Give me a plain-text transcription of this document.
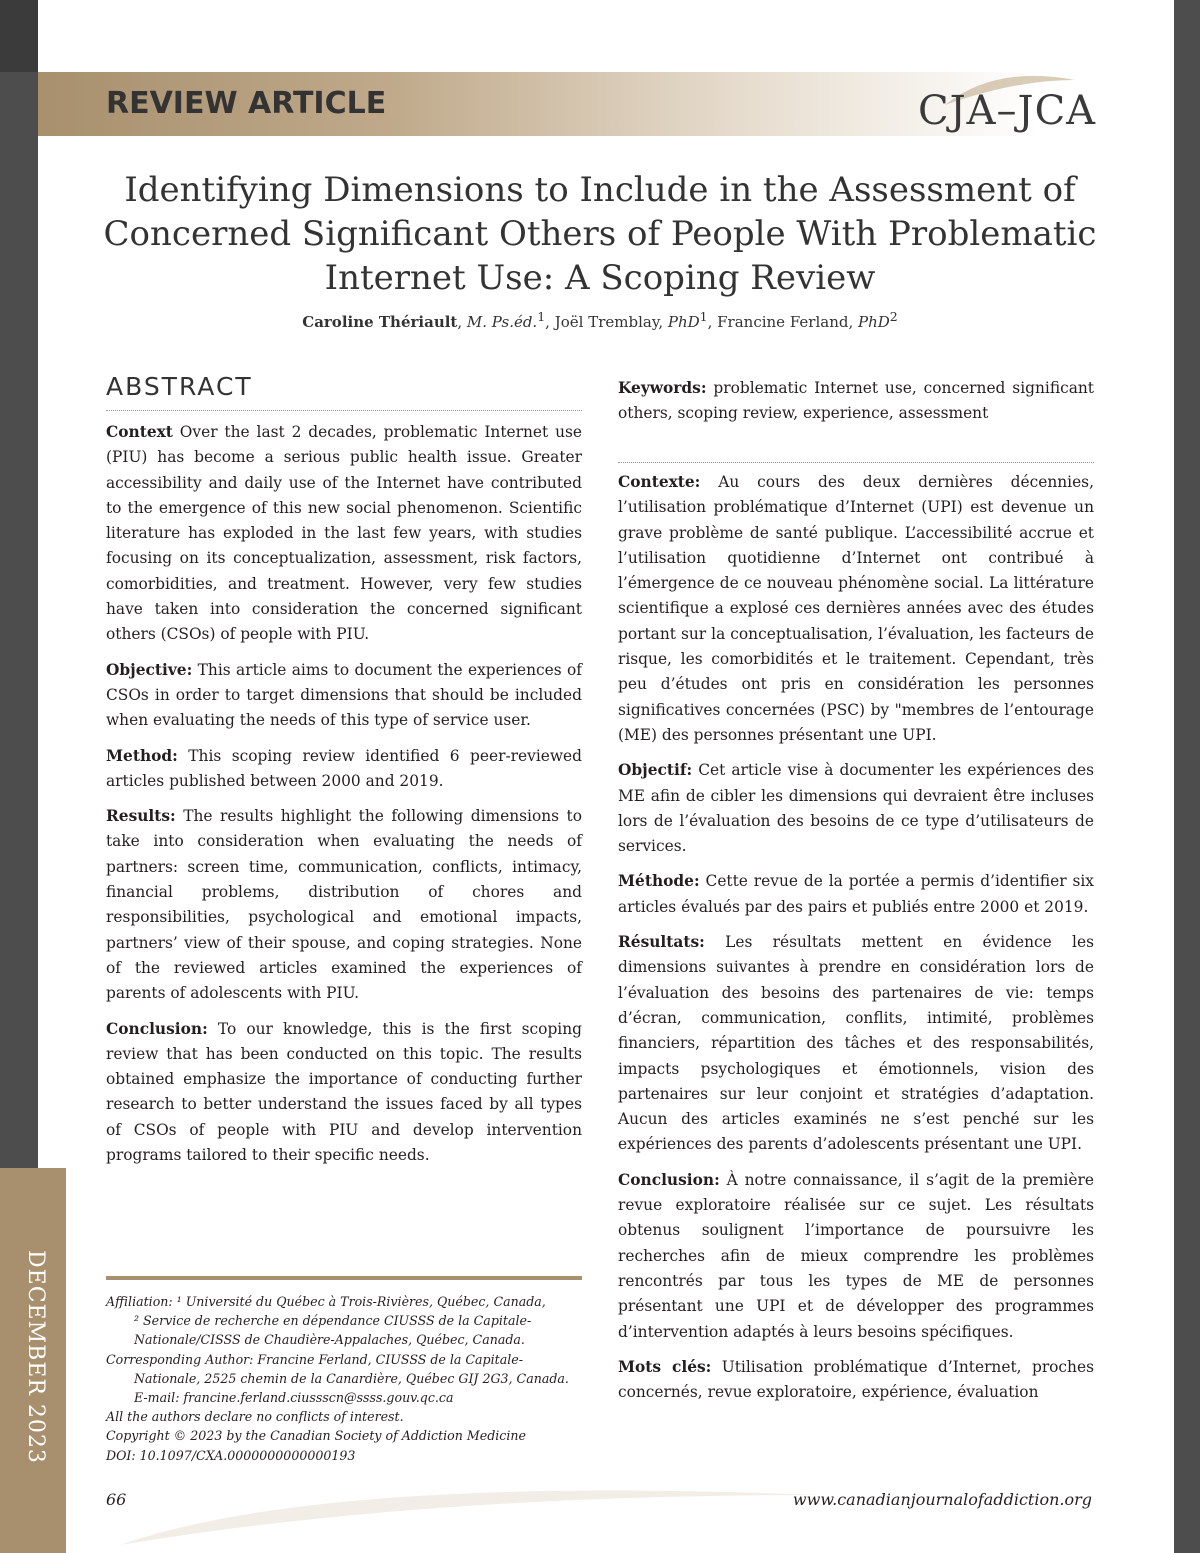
DECEMBER 2023
REVIEW ARTICLE	CJA–JCA
Identifying Dimensions to Include in the Assessment of Concerned Significant Others of People With Problematic Internet Use: A Scoping Review
Caroline Thériault, M. Ps.éd.$^1$, Joël Tremblay, PhD$^1$, Francine Ferland, PhD$^2$
ABSTRACT

Context Over the last 2 decades, problematic Internet use (PIU) has become a serious public health issue. Greater accessibility and daily use of the Internet have contributed to the emergence of this new social phenomenon. Scientific literature has exploded in the last few years, with studies focusing on its conceptualization, assessment, risk factors, comorbidities, and treatment. However, very few studies have taken into consideration the concerned significant others (CSOs) of people with PIU.

Objective: This article aims to document the experiences of CSOs in order to target dimensions that should be included when evaluating the needs of this type of service user.

Method: This scoping review identified 6 peer-reviewed articles published between 2000 and 2019.

Results: The results highlight the following dimensions to take into consideration when evaluating the needs of partners: screen time, communication, conflicts, intimacy, financial problems, distribution of chores and responsibilities, psychological and emotional impacts, partners’ view of their spouse, and coping strategies. None of the reviewed articles examined the experiences of parents of adolescents with PIU.

Conclusion: To our knowledge, this is the first scoping review that has been conducted on this topic. The results obtained emphasize the importance of conducting further research to better understand the issues faced by all types of CSOs of people with PIU and develop intervention programs tailored to their specific needs.

Keywords: problematic Internet use, concerned significant others, scoping review, experience, assessment

Contexte: Au cours des deux dernières décennies, l’utilisation problématique d’Internet (UPI) est devenue un grave problème de santé publique. L’accessibilité accrue et l’utilisation quotidienne d’Internet ont contribué à l’émergence de ce nouveau phénomène social. La littérature scientifique a explosé ces dernières années avec des études portant sur la conceptualisation, l’évaluation, les facteurs de risque, les comorbidités et le traitement. Cependant, très peu d’études ont pris en considération les personnes significatives concernées (PSC) by "membres de l’entourage (ME) des personnes présentant une UPI.

Objectif: Cet article vise à documenter les expériences des ME afin de cibler les dimensions qui devraient être incluses lors de l’évaluation des besoins de ce type d’utilisateurs de services.

Méthode: Cette revue de la portée a permis d’identifier six articles évalués par des pairs et publiés entre 2000 et 2019.

Résultats: Les résultats mettent en évidence les dimensions suivantes à prendre en considération lors de l’évaluation des besoins des partenaires de vie: temps d’écran, communication, conflits, intimité, problèmes financiers, répartition des tâches et des responsabilités, impacts psychologiques et émotionnels, vision des partenaires sur leur conjoint et stratégies d’adaptation. Aucun des articles examinés ne s’est penché sur les expériences des parents d’adolescents présentant une UPI.

Conclusion: À notre connaissance, il s’agit de la première revue exploratoire réalisée sur ce sujet. Les résultats obtenus soulignent l’importance de poursuivre les recherches afin de mieux comprendre les problèmes rencontrés par tous les types de ME de personnes présentant une UPI et de développer des programmes d’intervention adaptés à leurs besoins spécifiques.

Mots clés: Utilisation problématique d’Internet, proches concernés, revue exploratoire, expérience, évaluation

Affiliation: ¹ Université du Québec à Trois-Rivières, Québec, Canada,
² Service de recherche en dépendance CIUSSS de la Capitale-Nationale/CISSS de Chaudière-Appalaches, Québec, Canada.
Corresponding Author: Francine Ferland, CIUSSS de la Capitale-
Nationale, 2525 chemin de la Canardière, Québec GIJ 2G3, Canada.
E-mail: francine.ferland.ciussscn@ssss.gouv.qc.ca
All the authors declare no conflicts of interest.
Copyright © 2023 by the Canadian Society of Addiction Medicine
DOI: 10.1097/CXA.0000000000000193
66	www.canadianjournalofaddiction.org
